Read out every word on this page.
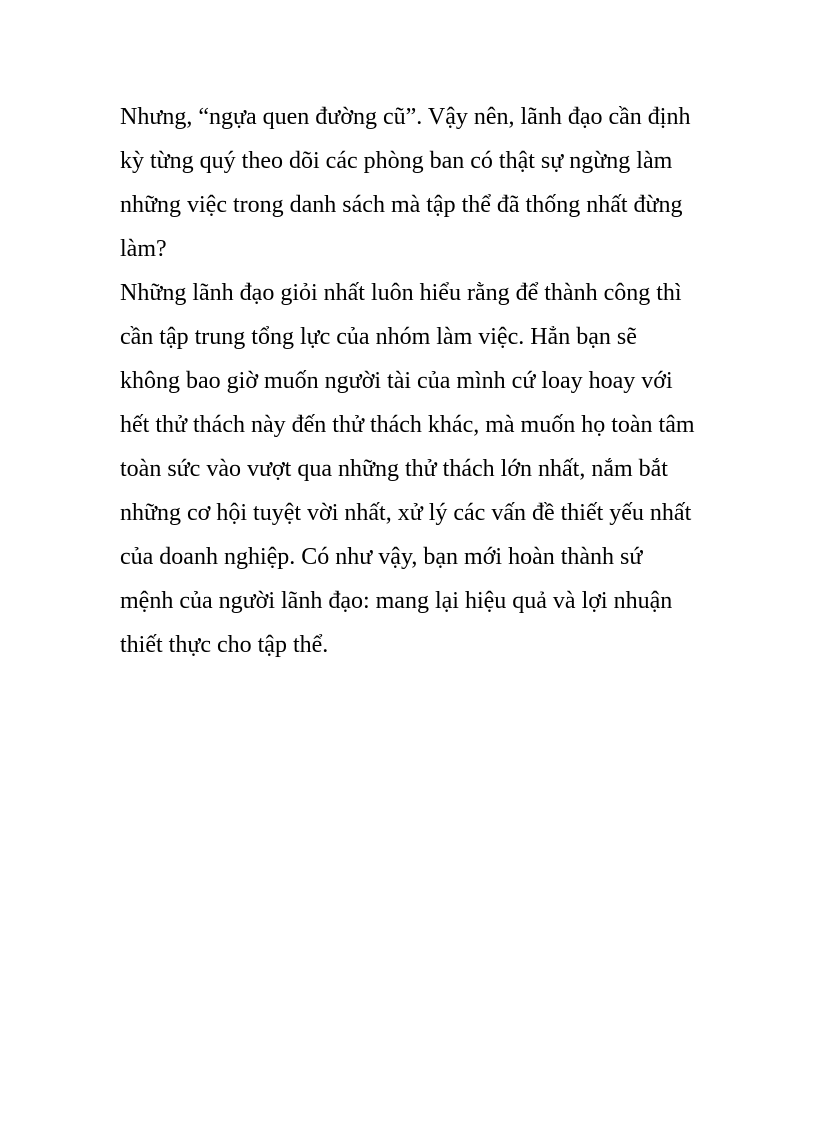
Nhưng, “ngựa quen đường cũ”. Vậy nên, lãnh đạo cần định
kỳ từng quý theo dõi các phòng ban có thật sự ngừng làm
những việc trong danh sách mà tập thể đã thống nhất đừng
làm?

Những lãnh đạo giỏi nhất luôn hiểu rằng để thành công thì
cần tập trung tổng lực của nhóm làm việc. Hẳn bạn sẽ
không bao giờ muốn người tài của mình cứ loay hoay với
hết thử thách này đến thử thách khác, mà muốn họ toàn tâm
toàn sức vào vượt qua những thử thách lớn nhất, nắm bắt
những cơ hội tuyệt vời nhất, xử lý các vấn đề thiết yếu nhất
của doanh nghiệp. Có như vậy, bạn mới hoàn thành sứ
mệnh của người lãnh đạo: mang lại hiệu quả và lợi nhuận
thiết thực cho tập thể.
